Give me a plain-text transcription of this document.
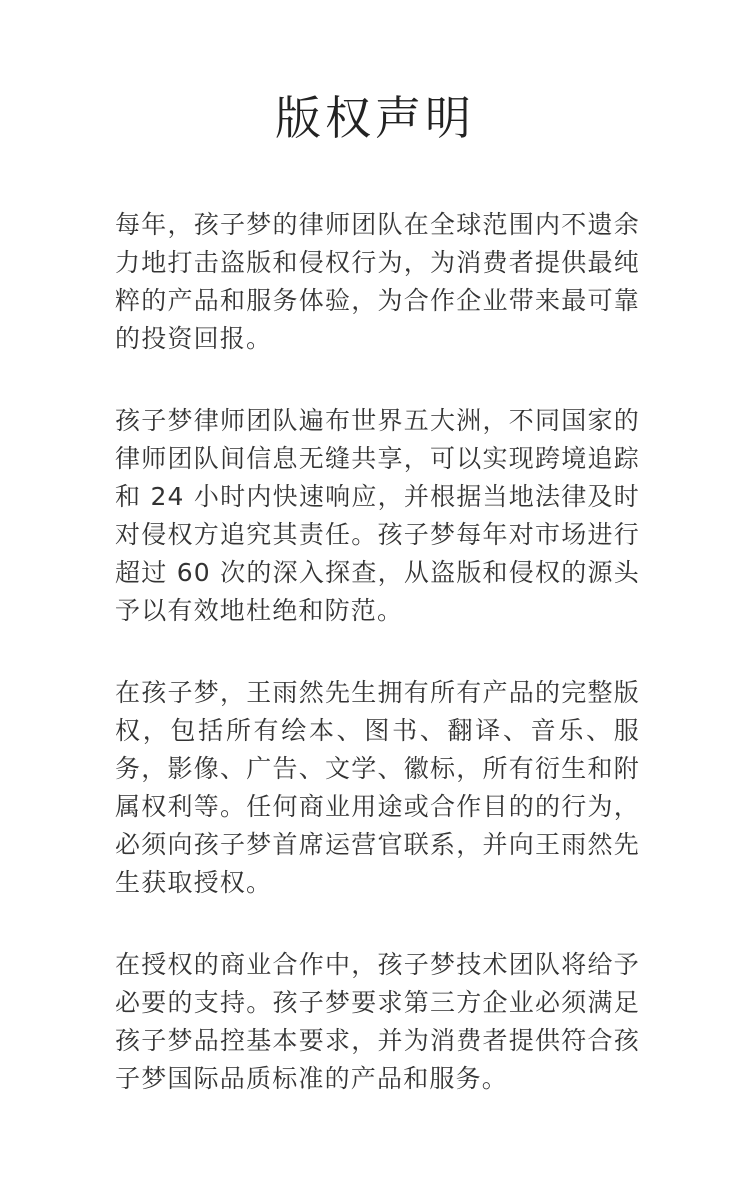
版权声明

每年，孩子梦的律师团队在全球范围内不遗余力地打击盗版和侵权行为，为消费者提供最纯粹的产品和服务体验，为合作企业带来最可靠的投资回报。

孩子梦律师团队遍布世界五大洲，不同国家的律师团队间信息无缝共享，可以实现跨境追踪和 24 小时内快速响应，并根据当地法律及时对侵权方追究其责任。孩子梦每年对市场进行超过 60 次的深入探查，从盗版和侵权的源头予以有效地杜绝和防范。

在孩子梦，王雨然先生拥有所有产品的完整版权，包括所有绘本、图书、翻译、音乐、服务，影像、广告、文学、徽标，所有衍生和附属权利等。任何商业用途或合作目的的行为，必须向孩子梦首席运营官联系，并向王雨然先生获取授权。

在授权的商业合作中，孩子梦技术团队将给予必要的支持。孩子梦要求第三方企业必须满足孩子梦品控基本要求，并为消费者提供符合孩子梦国际品质标准的产品和服务。
